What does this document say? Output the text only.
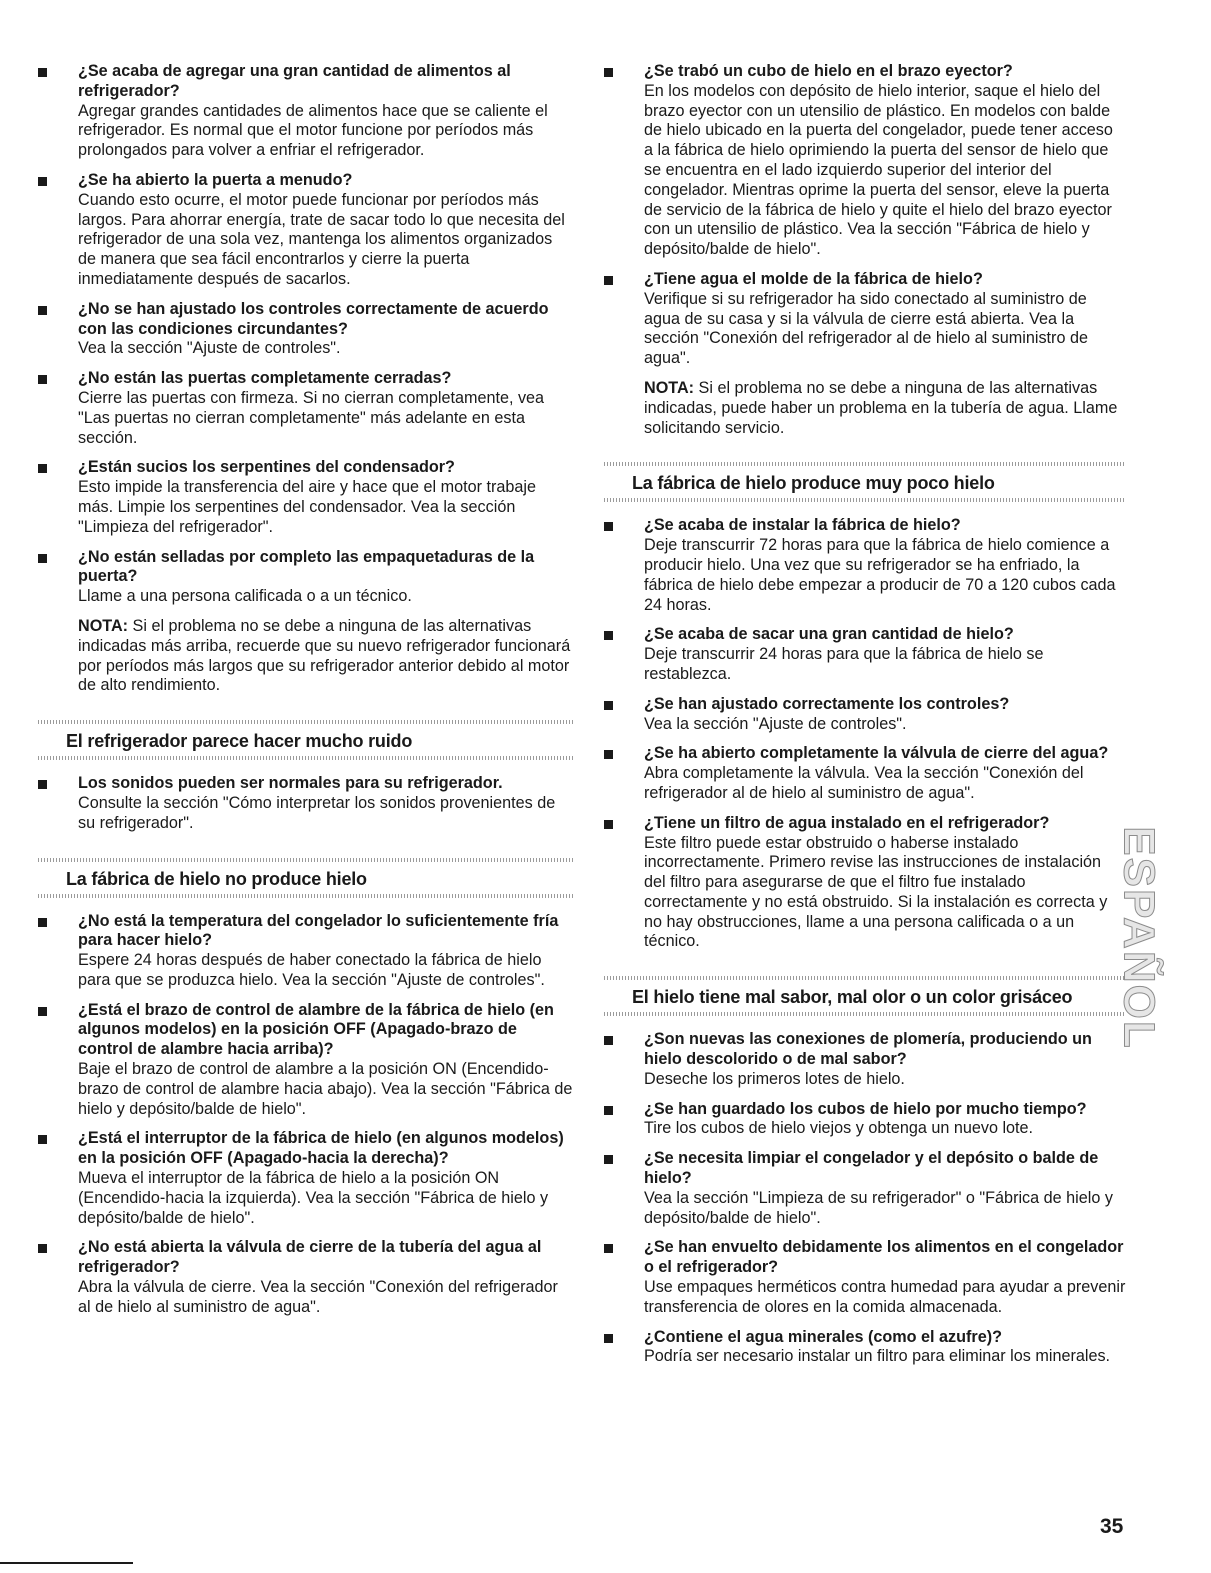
¿Se acaba de agregar una gran cantidad de alimentos al refrigerador?
Agregar grandes cantidades de alimentos hace que se caliente el refrigerador. Es normal que el motor funcione por períodos más prolongados para volver a enfriar el refrigerador.
¿Se ha abierto la puerta a menudo?
Cuando esto ocurre, el motor puede funcionar por períodos más largos. Para ahorrar energía, trate de sacar todo lo que necesita del refrigerador de una sola vez, mantenga los alimentos organizados de manera que sea fácil encontrarlos y cierre la puerta inmediatamente después de sacarlos.
¿No se han ajustado los controles correctamente de acuerdo con las condiciones circundantes?
Vea la sección "Ajuste de controles".
¿No están las puertas completamente cerradas?
Cierre las puertas con firmeza. Si no cierran completamente, vea "Las puertas no cierran completamente" más adelante en esta sección.
¿Están sucios los serpentines del condensador?
Esto impide la transferencia del aire y hace que el motor trabaje más. Limpie los serpentines del condensador. Vea la sección "Limpieza del refrigerador".
¿No están selladas por completo las empaquetaduras de la puerta?
Llame a una persona calificada o a un técnico.

NOTA: Si el problema no se debe a ninguna de las alternativas indicadas más arriba, recuerde que su nuevo refrigerador funcionará por períodos más largos que su refrigerador anterior debido al motor de alto rendimiento.

El refrigerador parece hacer mucho ruido
Los sonidos pueden ser normales para su refrigerador.
Consulte la sección "Cómo interpretar los sonidos provenientes de su refrigerador".
La fábrica de hielo no produce hielo
¿No está la temperatura del congelador lo suficientemente fría para hacer hielo?
Espere 24 horas después de haber conectado la fábrica de hielo para que se produzca hielo. Vea la sección "Ajuste de controles".
¿Está el brazo de control de alambre de la fábrica de hielo (en algunos modelos) en la posición OFF (Apagado-brazo de control de alambre hacia arriba)?
Baje el brazo de control de alambre a la posición ON (Encendido-brazo de control de alambre hacia abajo). Vea la sección "Fábrica de hielo y depósito/balde de hielo".
¿Está el interruptor de la fábrica de hielo (en algunos modelos) en la posición OFF (Apagado-hacia la derecha)?
Mueva el interruptor de la fábrica de hielo a la posición ON (Encendido-hacia la izquierda). Vea la sección "Fábrica de hielo y depósito/balde de hielo".
¿No está abierta la válvula de cierre de la tubería del agua al refrigerador?
Abra la válvula de cierre. Vea la sección "Conexión del refrigerador al de hielo al suministro de agua".
¿Se trabó un cubo de hielo en el brazo eyector?
En los modelos con depósito de hielo interior, saque el hielo del brazo eyector con un utensilio de plástico. En modelos con balde de hielo ubicado en la puerta del congelador, puede tener acceso a la fábrica de hielo oprimiendo la puerta del sensor de hielo que se encuentra en el lado izquierdo superior del interior del congelador. Mientras oprime la puerta del sensor, eleve la puerta de servicio de la fábrica de hielo y quite el hielo del brazo eyector con un utensilio de plástico. Vea la sección "Fábrica de hielo y depósito/balde de hielo".
¿Tiene agua el molde de la fábrica de hielo?
Verifique si su refrigerador ha sido conectado al suministro de agua de su casa y si la válvula de cierre está abierta. Vea la sección "Conexión del refrigerador al de hielo al suministro de agua".

NOTA: Si el problema no se debe a ninguna de las alternativas indicadas, puede haber un problema en la tubería de agua. Llame solicitando servicio.

La fábrica de hielo produce muy poco hielo
¿Se acaba de instalar la fábrica de hielo?
Deje transcurrir 72 horas para que la fábrica de hielo comience a producir hielo. Una vez que su refrigerador se ha enfriado, la fábrica de hielo debe empezar a producir de 70 a 120 cubos cada 24 horas.
¿Se acaba de sacar una gran cantidad de hielo?
Deje transcurrir 24 horas para que la fábrica de hielo se restablezca.
¿Se han ajustado correctamente los controles?
Vea la sección "Ajuste de controles".
¿Se ha abierto completamente la válvula de cierre del agua?
Abra completamente la válvula. Vea la sección "Conexión del refrigerador al de hielo al suministro de agua".
¿Tiene un filtro de agua instalado en el refrigerador?
Este filtro puede estar obstruido o haberse instalado incorrectamente. Primero revise las instrucciones de instalación del filtro para asegurarse de que el filtro fue instalado correctamente y no está obstruido. Si la instalación es correcta y no hay obstrucciones, llame a una persona calificada o a un técnico.
El hielo tiene mal sabor, mal olor o un color grisáceo
¿Son nuevas las conexiones de plomería, produciendo un hielo descolorido o de mal sabor?
Deseche los primeros lotes de hielo.
¿Se han guardado los cubos de hielo por mucho tiempo?
Tire los cubos de hielo viejos y obtenga un nuevo lote.
¿Se necesita limpiar el congelador y el depósito o balde de hielo?
Vea la sección "Limpieza de su refrigerador" o "Fábrica de hielo y depósito/balde de hielo".
¿Se han envuelto debidamente los alimentos en el congelador o el refrigerador?
Use empaques herméticos contra humedad para ayudar a prevenir transferencia de olores en la comida almacenada.
¿Contiene el agua minerales (como el azufre)?
Podría ser necesario instalar un filtro para eliminar los minerales.
ESPAÑOL
35
